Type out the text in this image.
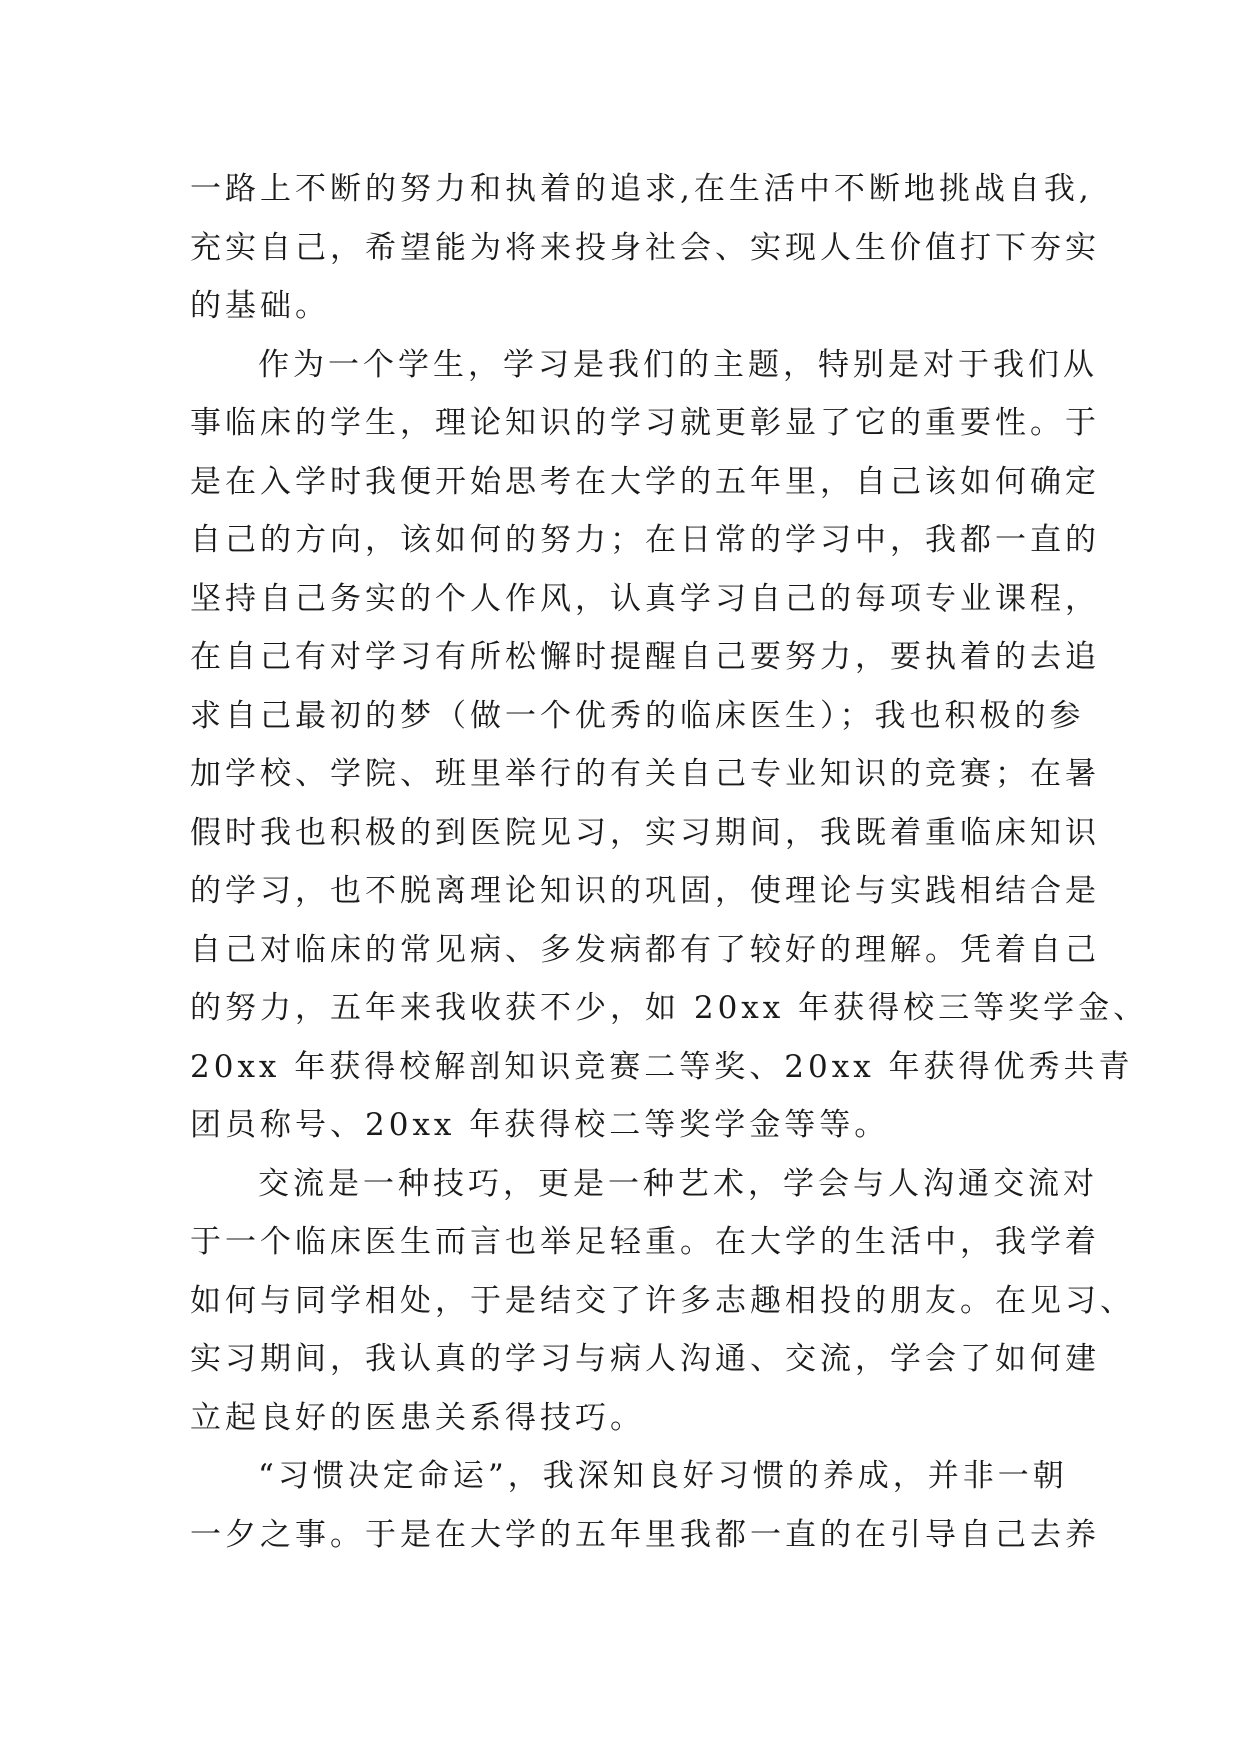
一路上不断的努力和执着的追求,在生活中不断地挑战自我,
充实自己，希望能为将来投身社会、实现人生价值打下夯实
的基础。
作为一个学生，学习是我们的主题，特别是对于我们从
事临床的学生，理论知识的学习就更彰显了它的重要性。于
是在入学时我便开始思考在大学的五年里，自己该如何确定
自己的方向，该如何的努力；在日常的学习中，我都一直的
坚持自己务实的个人作风，认真学习自己的每项专业课程，
在自己有对学习有所松懈时提醒自己要努力，要执着的去追
求自己最初的梦（做一个优秀的临床医生）；我也积极的参
加学校、学院、班里举行的有关自己专业知识的竞赛；在暑
假时我也积极的到医院见习，实习期间，我既着重临床知识
的学习，也不脱离理论知识的巩固，使理论与实践相结合是
自己对临床的常见病、多发病都有了较好的理解。凭着自己
的努力，五年来我收获不少，如 20xx 年获得校三等奖学金、
20xx 年获得校解剖知识竞赛二等奖、20xx 年获得优秀共青
团员称号、20xx 年获得校二等奖学金等等。
交流是一种技巧，更是一种艺术，学会与人沟通交流对
于一个临床医生而言也举足轻重。在大学的生活中，我学着
如何与同学相处，于是结交了许多志趣相投的朋友。在见习、
实习期间，我认真的学习与病人沟通、交流，学会了如何建
立起良好的医患关系得技巧。
“习惯决定命运”，我深知良好习惯的养成，并非一朝
一夕之事。于是在大学的五年里我都一直的在引导自己去养
